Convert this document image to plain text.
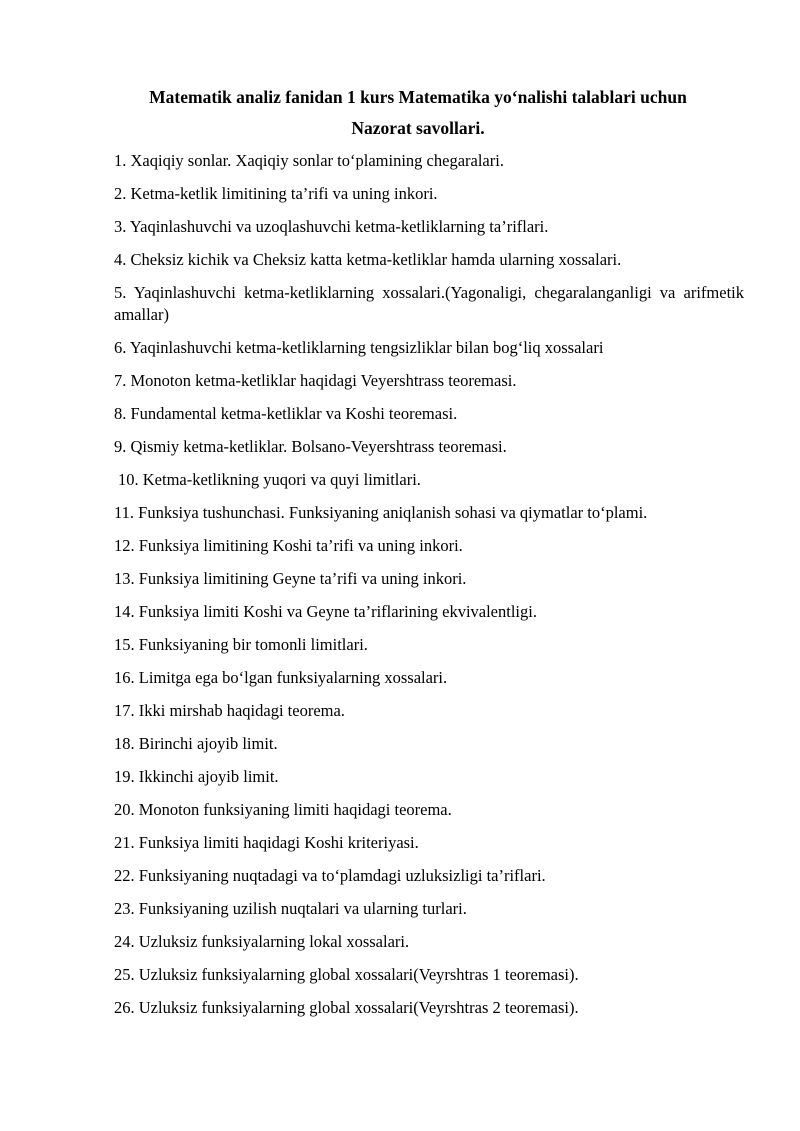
Matematik analiz fanidan 1 kurs Matematika yo‘nalishi talablari uchun
Nazorat savollari.
1. Xaqiqiy sonlar. Xaqiqiy sonlar to‘plamining chegaralari.
2. Ketma-ketlik limitining ta’rifi va uning inkori.
3. Yaqinlashuvchi va uzoqlashuvchi ketma-ketliklarning ta’riflari.
4. Cheksiz kichik va Cheksiz katta ketma-ketliklar hamda ularning xossalari.
5. Yaqinlashuvchi ketma-ketliklarning xossalari.(Yagonaligi, chegaralanganligi va arifmetik amallar)
6. Yaqinlashuvchi ketma-ketliklarning tengsizliklar bilan bog‘liq xossalari
7. Monoton ketma-ketliklar haqidagi Veyershtrass teoremasi.
8. Fundamental ketma-ketliklar va Koshi teoremasi.
9. Qismiy ketma-ketliklar. Bolsano-Veyershtrass teoremasi.
10. Ketma-ketlikning yuqori va quyi limitlari.
11. Funksiya tushunchasi. Funksiyaning aniqlanish sohasi va qiymatlar to‘plami.
12. Funksiya limitining Koshi ta’rifi va uning inkori.
13. Funksiya limitining Geyne ta’rifi va uning inkori.
14. Funksiya limiti Koshi va Geyne ta’riflarining ekvivalentligi.
15. Funksiyaning bir tomonli limitlari.
16. Limitga ega bo‘lgan funksiyalarning xossalari.
17. Ikki mirshab haqidagi teorema.
18. Birinchi ajoyib limit.
19. Ikkinchi ajoyib limit.
20. Monoton funksiyaning limiti haqidagi teorema.
21. Funksiya limiti haqidagi Koshi kriteriyasi.
22. Funksiyaning nuqtadagi va to‘plamdagi uzluksizligi ta’riflari.
23. Funksiyaning uzilish nuqtalari va ularning turlari.
24. Uzluksiz funksiyalarning lokal xossalari.
25. Uzluksiz funksiyalarning global xossalari(Veyrshtras 1 teoremasi).
26. Uzluksiz funksiyalarning global xossalari(Veyrshtras 2 teoremasi).
